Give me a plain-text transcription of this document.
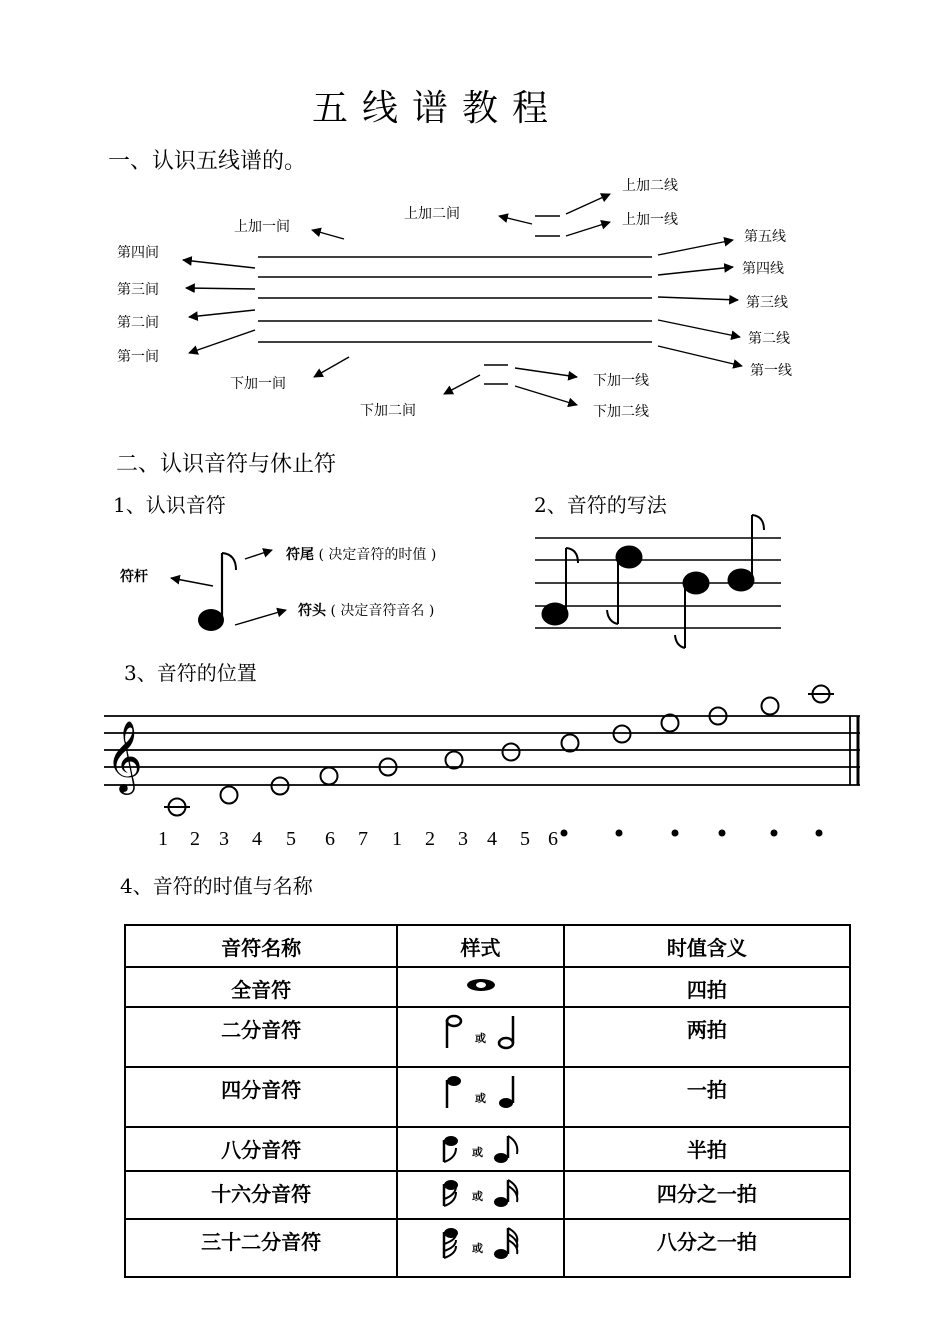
五线谱教程
一、认识五线谱的。
上加二线
上加一线
上加二间
上加一间
第四间
第三间
第二间
第一间
第五线
第四线
第三线
第二线
第一线
下加一间
下加二间
下加一线
下加二线
二、认识音符与休止符
1、认识音符	2、音符的写法
符杆
符尾 ( 决定音符的时值 )
符头 ( 决定音符音名 )
3、音符的位置
𝄞
1 2 3 4 5 6 7 1 2 3 4 5 6
4、音符的时值与名称
音符名称	样式	时值含义
全音符		四拍
二分音符	$^或$	两拍
四分音符	$^或$	一拍
八分音符	$^或$	半拍
十六分音符	$^或$	四分之一拍
三十二分音符	$^或$	八分之一拍
